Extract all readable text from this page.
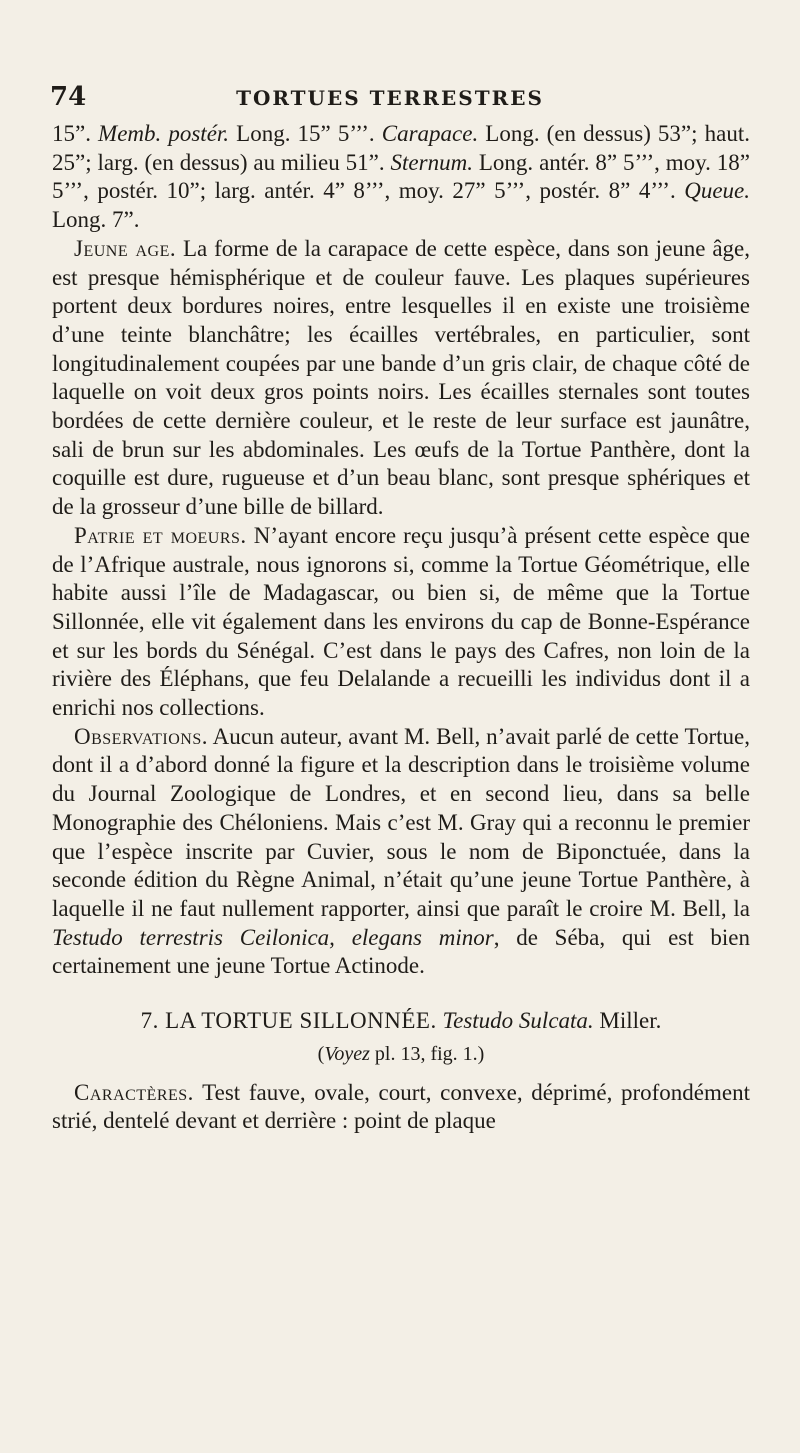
74	TORTUES TERRESTRES

15”. Memb. postér. Long. 15” 5’’’. Carapace. Long. (en dessus) 53”; haut. 25”; larg. (en dessus) au milieu 51”. Sternum. Long. antér. 8” 5’’’, moy. 18” 5’’’, postér. 10”; larg. antér. 4” 8’’’, moy. 27” 5’’’, postér. 8” 4’’’. Queue. Long. 7”.

Jeune age. La forme de la carapace de cette espèce, dans son jeune âge, est presque hémisphérique et de couleur fauve. Les plaques supérieures portent deux bordures noires, entre lesquelles il en existe une troisième d’une teinte blanchâtre; les écailles vertébrales, en particulier, sont longitudinalement coupées par une bande d’un gris clair, de chaque côté de laquelle on voit deux gros points noirs. Les écailles sternales sont toutes bordées de cette dernière couleur, et le reste de leur surface est jaunâtre, sali de brun sur les abdominales. Les œufs de la Tortue Panthère, dont la coquille est dure, rugueuse et d’un beau blanc, sont presque sphériques et de la grosseur d’une bille de billard.

Patrie et moeurs. N’ayant encore reçu jusqu’à présent cette espèce que de l’Afrique australe, nous ignorons si, comme la Tortue Géométrique, elle habite aussi l’île de Madagascar, ou bien si, de même que la Tortue Sillonnée, elle vit également dans les environs du cap de Bonne-Espérance et sur les bords du Sénégal. C’est dans le pays des Cafres, non loin de la rivière des Éléphans, que feu Delalande a recueilli les individus dont il a enrichi nos collections.

Observations. Aucun auteur, avant M. Bell, n’avait parlé de cette Tortue, dont il a d’abord donné la figure et la description dans le troisième volume du Journal Zoologique de Londres, et en second lieu, dans sa belle Monographie des Chéloniens. Mais c’est M. Gray qui a reconnu le premier que l’espèce inscrite par Cuvier, sous le nom de Biponctuée, dans la seconde édition du Règne Animal, n’était qu’une jeune Tortue Panthère, à laquelle il ne faut nullement rapporter, ainsi que paraît le croire M. Bell, la Testudo terrestris Ceilonica, elegans minor, de Séba, qui est bien certainement une jeune Tortue Actinode.

7. LA TORTUE SILLONNÉE. Testudo Sulcata. Miller.
(Voyez pl. 13, fig. 1.)

Caractères. Test fauve, ovale, court, convexe, déprimé, profondément strié, dentelé devant et derrière : point de plaque
